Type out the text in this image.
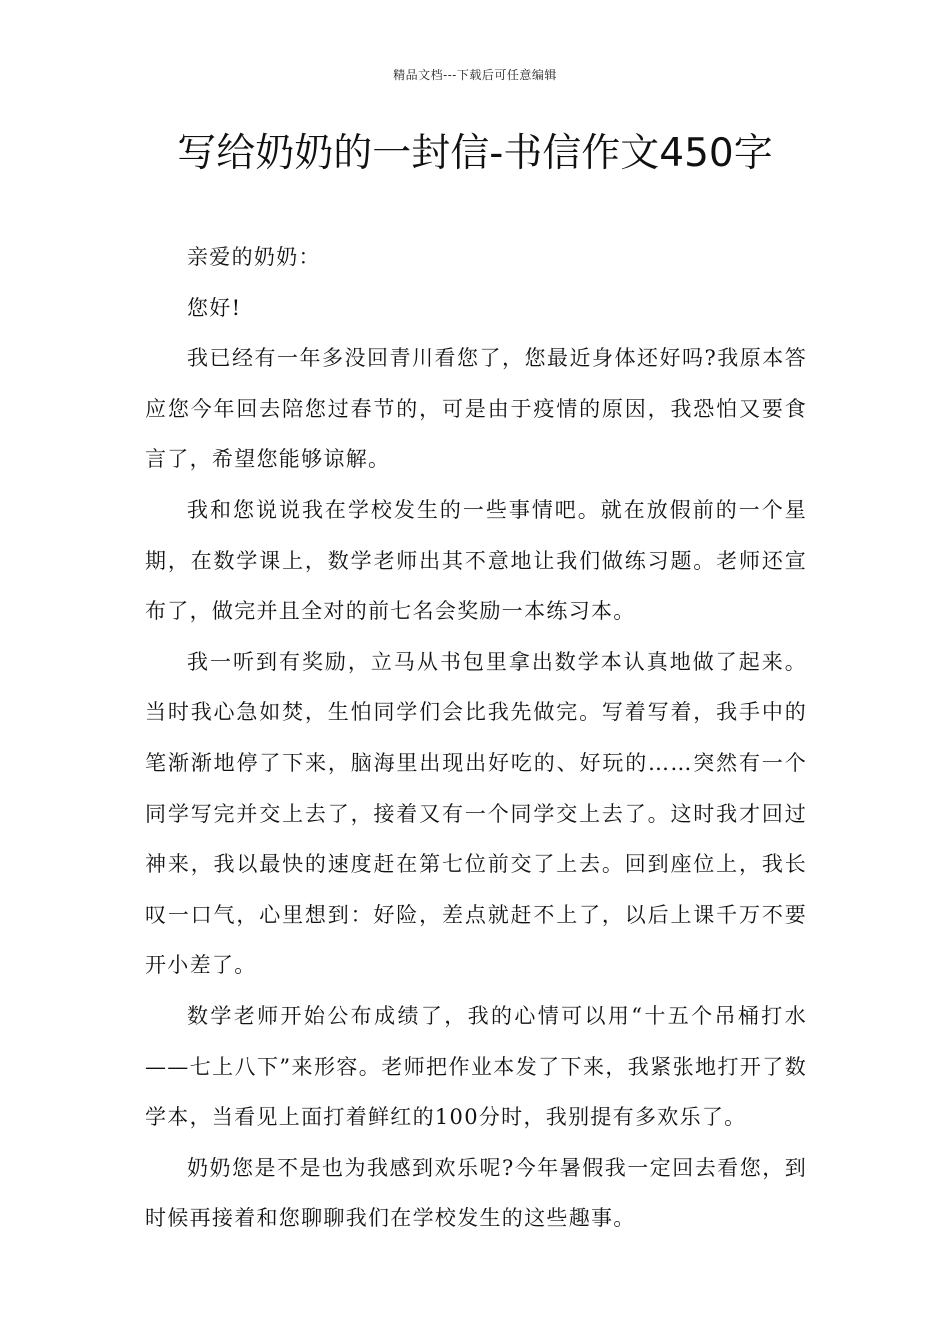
精品文档---下载后可任意编辑
写给奶奶的一封信-书信作文450字

亲爱的奶奶：

您好!

我已经有一年多没回青川看您了，您最近身体还好吗?我原本答应您今年回去陪您过春节的，可是由于疫情的原因，我恐怕又要食言了，希望您能够谅解。

我和您说说我在学校发生的一些事情吧。就在放假前的一个星期，在数学课上，数学老师出其不意地让我们做练习题。老师还宣布了，做完并且全对的前七名会奖励一本练习本。

我一听到有奖励，立马从书包里拿出数学本认真地做了起来。当时我心急如焚，生怕同学们会比我先做完。写着写着，我手中的笔渐渐地停了下来，脑海里出现出好吃的、好玩的……突然有一个同学写完并交上去了，接着又有一个同学交上去了。这时我才回过神来，我以最快的速度赶在第七位前交了上去。回到座位上，我长叹一口气，心里想到：好险，差点就赶不上了，以后上课千万不要开小差了。

数学老师开始公布成绩了，我的心情可以用“十五个吊桶打水——七上八下”来形容。老师把作业本发了下来，我紧张地打开了数学本，当看见上面打着鲜红的100分时，我别提有多欢乐了。

奶奶您是不是也为我感到欢乐呢?今年暑假我一定回去看您，到时候再接着和您聊聊我们在学校发生的这些趣事。
